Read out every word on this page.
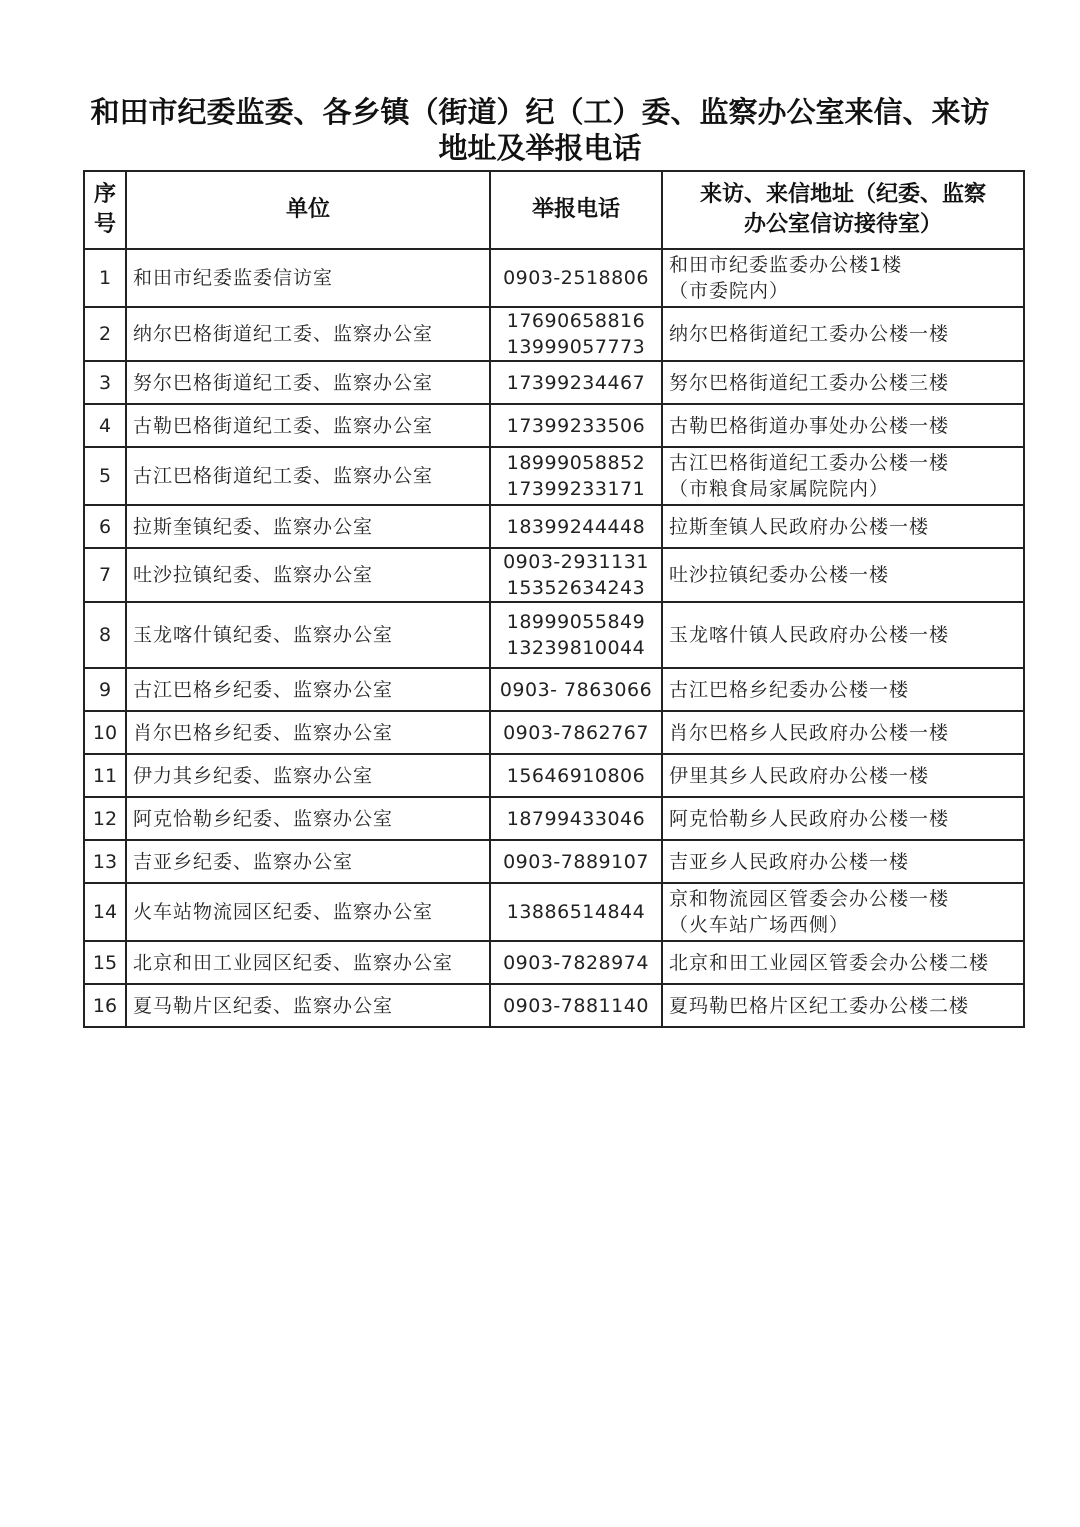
和田市纪委监委、各乡镇（街道）纪（工）委、监察办公室来信、来访
地址及举报电话
序
号	单位	举报电话	来访、来信地址（纪委、监察
办公室信访接待室）
1	和田市纪委监委信访室	0903-2518806	和田市纪委监委办公楼1楼
（市委院内）
2	纳尔巴格街道纪工委、监察办公室	17690658816
13999057773	纳尔巴格街道纪工委办公楼一楼
3	努尔巴格街道纪工委、监察办公室	17399234467	努尔巴格街道纪工委办公楼三楼
4	古勒巴格街道纪工委、监察办公室	17399233506	古勒巴格街道办事处办公楼一楼
5	古江巴格街道纪工委、监察办公室	18999058852
17399233171	古江巴格街道纪工委办公楼一楼
（市粮食局家属院院内）
6	拉斯奎镇纪委、监察办公室	18399244448	拉斯奎镇人民政府办公楼一楼
7	吐沙拉镇纪委、监察办公室	0903-2931131
15352634243	吐沙拉镇纪委办公楼一楼
8	玉龙喀什镇纪委、监察办公室	18999055849
13239810044	玉龙喀什镇人民政府办公楼一楼
9	古江巴格乡纪委、监察办公室	0903- 7863066	古江巴格乡纪委办公楼一楼
10	肖尔巴格乡纪委、监察办公室	0903-7862767	肖尔巴格乡人民政府办公楼一楼
11	伊力其乡纪委、监察办公室	15646910806	伊里其乡人民政府办公楼一楼
12	阿克恰勒乡纪委、监察办公室	18799433046	阿克恰勒乡人民政府办公楼一楼
13	吉亚乡纪委、监察办公室	0903-7889107	吉亚乡人民政府办公楼一楼
14	火车站物流园区纪委、监察办公室	13886514844	京和物流园区管委会办公楼一楼
（火车站广场西侧）
15	北京和田工业园区纪委、监察办公室	0903-7828974	北京和田工业园区管委会办公楼二楼
16	夏马勒片区纪委、监察办公室	0903-7881140	夏玛勒巴格片区纪工委办公楼二楼
